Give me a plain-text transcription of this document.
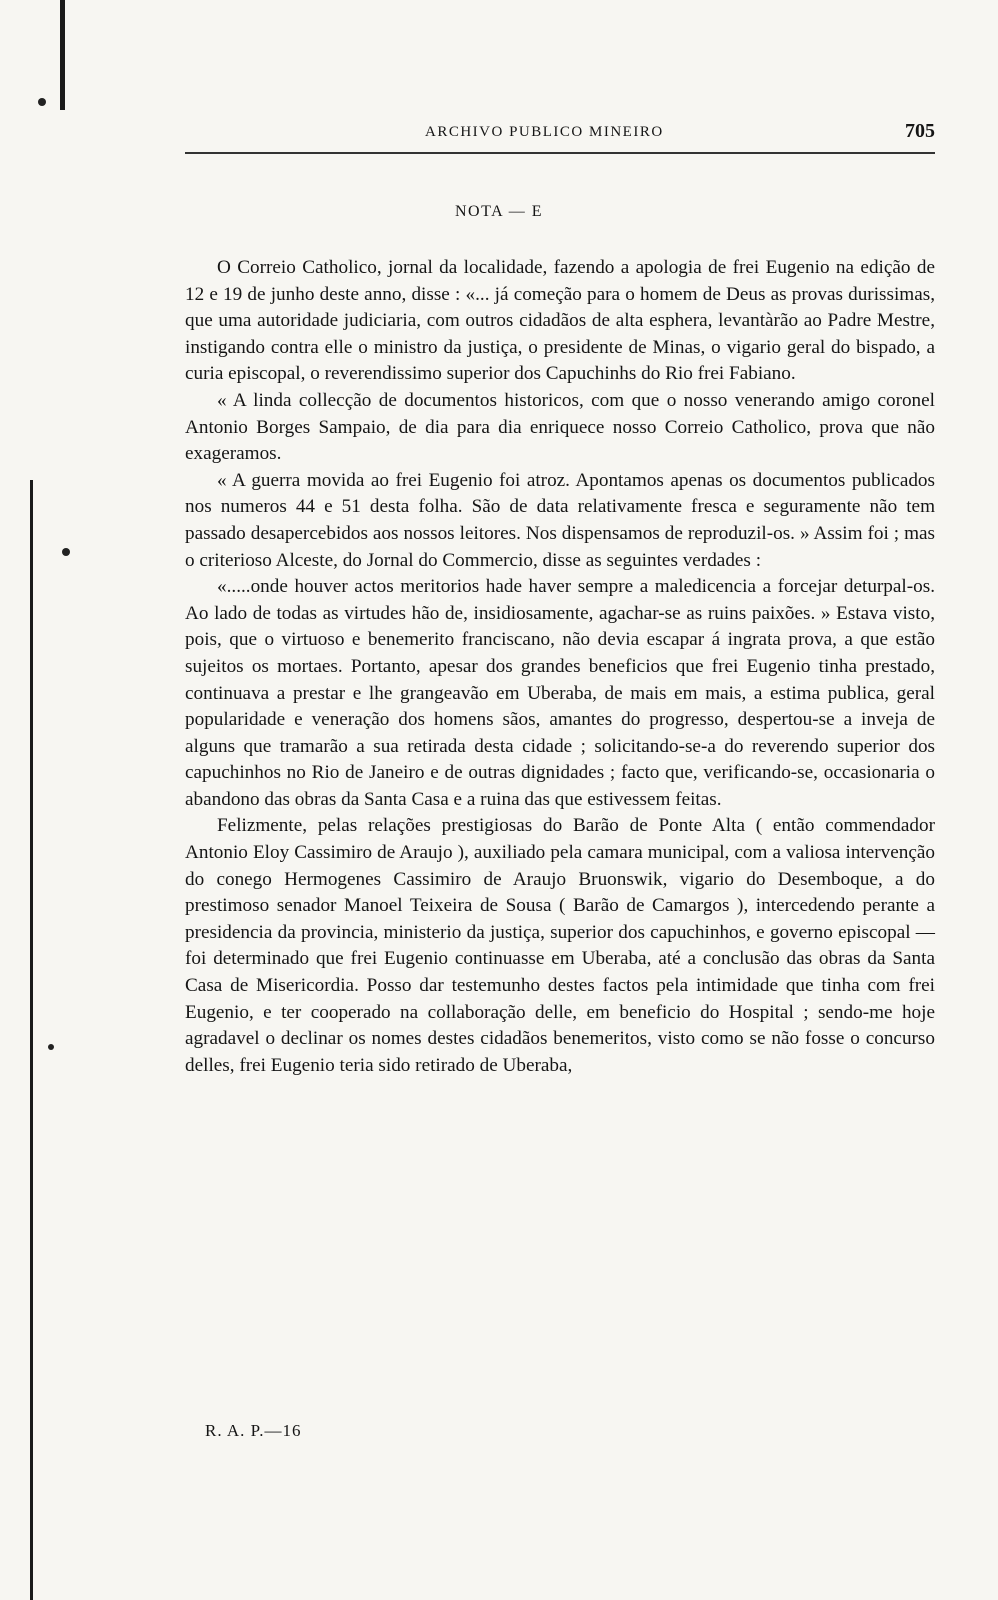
ARCHIVO PUBLICO MINEIRO	705
NOTA — E

O Correio Catholico, jornal da localidade, fazendo a apologia de frei Eugenio na edição de 12 e 19 de junho deste anno, disse : «... já começão para o homem de Deus as provas durissimas, que uma autoridade judiciaria, com outros cidadãos de alta esphera, levantàrão ao Padre Mestre, instigando contra elle o ministro da justiça, o presidente de Minas, o vigario geral do bispado, a curia episcopal, o reverendissimo superior dos Capuchinhs do Rio frei Fabiano.

« A linda collecção de documentos historicos, com que o nosso venerando amigo coronel Antonio Borges Sampaio, de dia para dia enriquece nosso Correio Catholico, prova que não exageramos.

« A guerra movida ao frei Eugenio foi atroz. Apontamos apenas os documentos publicados nos numeros 44 e 51 desta folha. São de data relativamente fresca e seguramente não tem passado desapercebidos aos nossos leitores. Nos dispensamos de reproduzil-os. » Assim foi ; mas o criterioso Alceste, do Jornal do Commercio, disse as seguintes verdades :

«.....onde houver actos meritorios hade haver sempre a maledicencia a forcejar deturpal-os. Ao lado de todas as virtudes hão de, insidiosamente, agachar-se as ruins paixões. » Estava visto, pois, que o virtuoso e benemerito franciscano, não devia escapar á ingrata prova, a que estão sujeitos os mortaes. Portanto, apesar dos grandes beneficios que frei Eugenio tinha prestado, continuava a prestar e lhe grangeavão em Uberaba, de mais em mais, a estima publica, geral popularidade e veneração dos homens sãos, amantes do progresso, despertou-se a inveja de alguns que tramarão a sua retirada desta cidade ; solicitando-se-a do reverendo superior dos capuchinhos no Rio de Janeiro e de outras dignidades ; facto que, verificando-se, occasionaria o abandono das obras da Santa Casa e a ruina das que estivessem feitas.

Felizmente, pelas relações prestigiosas do Barão de Ponte Alta ( então commendador Antonio Eloy Cassimiro de Araujo ), auxiliado pela camara municipal, com a valiosa intervenção do conego Hermogenes Cassimiro de Araujo Bruonswik, vigario do Desemboque, a do prestimoso senador Manoel Teixeira de Sousa ( Barão de Camargos ), intercedendo perante a presidencia da provincia, ministerio da justiça, superior dos capuchinhos, e governo episcopal — foi determinado que frei Eugenio continuasse em Uberaba, até a conclusão das obras da Santa Casa de Misericordia. Posso dar testemunho destes factos pela intimidade que tinha com frei Eugenio, e ter cooperado na collaboração delle, em beneficio do Hospital ; sendo-me hoje agradavel o declinar os nomes destes cidadãos benemeritos, visto como se não fosse o concurso delles, frei Eugenio teria sido retirado de Uberaba,

R. A. P.—16
